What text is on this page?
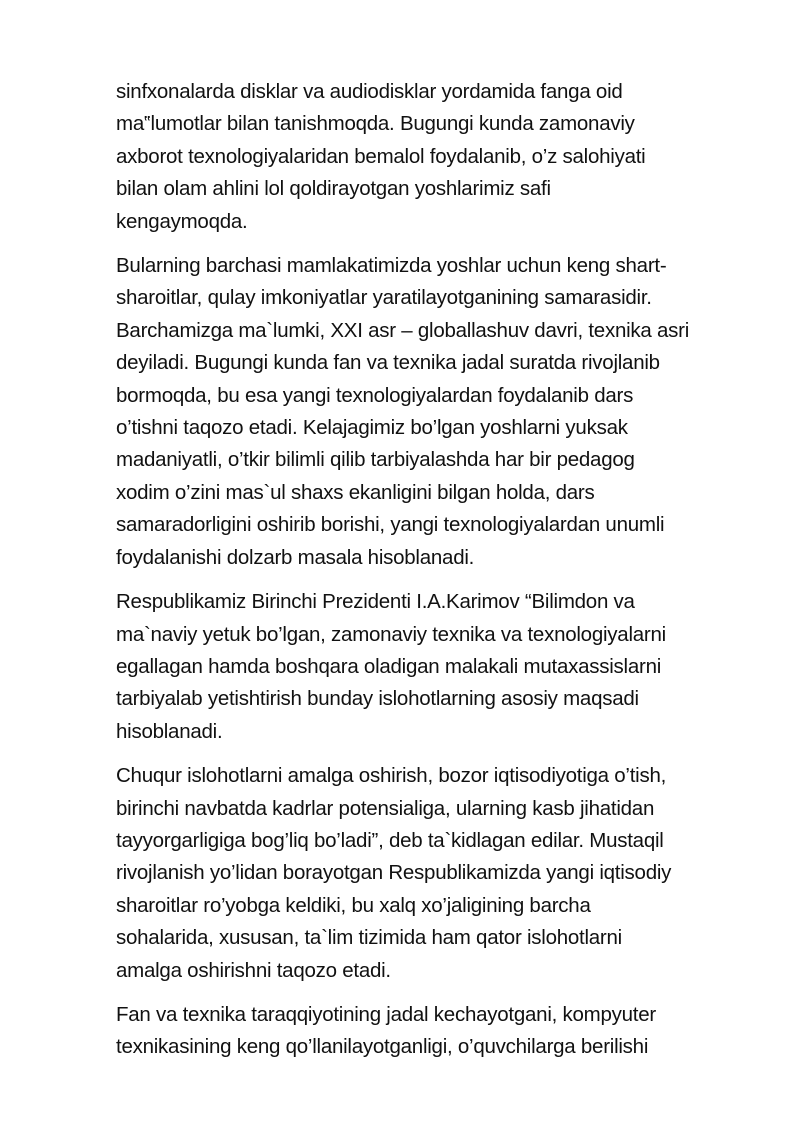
sinfxonalarda disklar va audiodisklar yordamida fanga oid
ma‟lumotlar bilan tanishmoqda. Bugungi kunda zamonaviy
axborot texnologiyalaridan bemalol foydalanib, o’z salohiyati
bilan olam ahlini lol qoldirayotgan yoshlarimiz safi
kengaymoqda.

Bularning barchasi mamlakatimizda yoshlar uchun keng shart-
sharoitlar, qulay imkoniyatlar yaratilayotganining samarasidir.
Barchamizga ma`lumki, XXI asr – globallashuv davri, texnika asri
deyiladi. Bugungi kunda fan va texnika jadal suratda rivojlanib
bormoqda, bu esa yangi texnologiyalardan foydalanib dars
o’tishni taqozo etadi. Kelajagimiz bo’lgan yoshlarni yuksak
madaniyatli, o’tkir bilimli qilib tarbiyalashda har bir pedagog
xodim o’zini mas`ul shaxs ekanligini bilgan holda, dars
samaradorligini oshirib borishi, yangi texnologiyalardan unumli
foydalanishi dolzarb masala hisoblanadi.

Respublikamiz Birinchi Prezidenti I.A.Karimov “Bilimdon va
ma`naviy yetuk bo’lgan, zamonaviy texnika va texnologiyalarni
egallagan hamda boshqara oladigan malakali mutaxassislarni
tarbiyalab yetishtirish bunday islohotlarning asosiy maqsadi
hisoblanadi.

Chuqur islohotlarni amalga oshirish, bozor iqtisodiyotiga o’tish,
birinchi navbatda kadrlar potensialiga, ularning kasb jihatidan
tayyorgarligiga bog’liq bo’ladi”, deb ta`kidlagan edilar. Mustaqil
rivojlanish yo’lidan borayotgan Respublikamizda yangi iqtisodiy
sharoitlar ro’yobga keldiki, bu xalq xo’jaligining barcha
sohalarida, xususan, ta`lim tizimida ham qator islohotlarni
amalga oshirishni taqozo etadi.

Fan va texnika taraqqiyotining jadal kechayotgani, kompyuter
texnikasining keng qo’llanilayotganligi, o’quvchilarga berilishi
